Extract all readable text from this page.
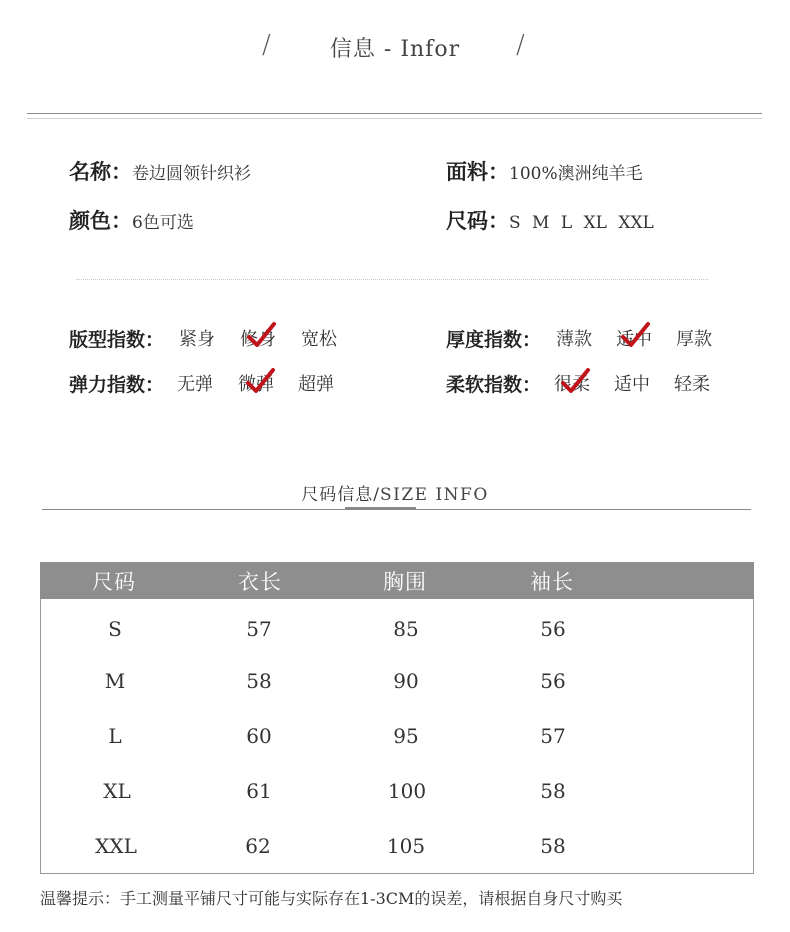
/	信息 - Infor	/
名称：卷边圆领针织衫	面料：100%澳洲纯羊毛
颜色：6色可选	尺码：S M L XL XXL
版型指数： 紧身 修身 宽松	厚度指数： 薄款 适中 厚款
弹力指数： 无弹 微弹 超弹	柔软指数： 很柔 适中 轻柔
尺码信息/SIZE INFO
尺码	衣长	胸围	袖长
S	57	85	56
M	58	90	56
L	60	95	57
XL	61	100	58
XXL	62	105	58
温馨提示：手工测量平铺尺寸可能与实际存在1-3CM的误差，请根据自身尺寸购买
